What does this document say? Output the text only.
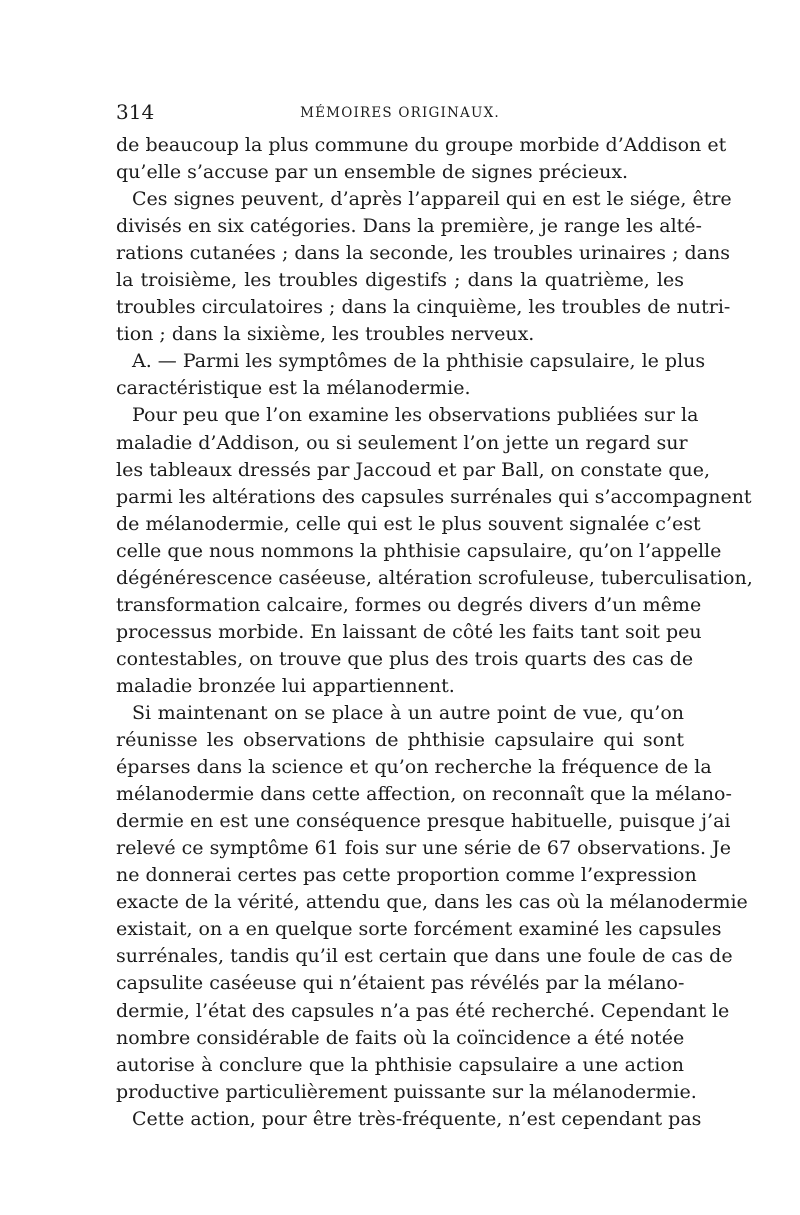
314	MÉMOIRES ORIGINAUX.
de beaucoup la plus commune du groupe morbide d’Addison et
qu’elle s’accuse par un ensemble de signes précieux.
Ces signes peuvent, d’après l’appareil qui en est le siége, être
divisés en six catégories. Dans la première, je range les alté-
rations cutanées ; dans la seconde, les troubles urinaires ; dans
la troisième, les troubles digestifs ; dans la quatrième, les
troubles circulatoires ; dans la cinquième, les troubles de nutri-
tion ; dans la sixième, les troubles nerveux.
A. — Parmi les symptômes de la phthisie capsulaire, le plus
caractéristique est la mélanodermie.
Pour peu que l’on examine les observations publiées sur la
maladie d’Addison, ou si seulement l’on jette un regard sur
les tableaux dressés par Jaccoud et par Ball, on constate que,
parmi les altérations des capsules surrénales qui s’accompagnent
de mélanodermie, celle qui est le plus souvent signalée c’est
celle que nous nommons la phthisie capsulaire, qu’on l’appelle
dégénérescence caséeuse, altération scrofuleuse, tuberculisation,
transformation calcaire, formes ou degrés divers d’un même
processus morbide. En laissant de côté les faits tant soit peu
contestables, on trouve que plus des trois quarts des cas de
maladie bronzée lui appartiennent.
Si maintenant on se place à un autre point de vue, qu’on
réunisse les observations de phthisie capsulaire qui sont
éparses dans la science et qu’on recherche la fréquence de la
mélanodermie dans cette affection, on reconnaît que la mélano-
dermie en est une conséquence presque habituelle, puisque j’ai
relevé ce symptôme 61 fois sur une série de 67 observations. Je
ne donnerai certes pas cette proportion comme l’expression
exacte de la vérité, attendu que, dans les cas où la mélanodermie
existait, on a en quelque sorte forcément examiné les capsules
surrénales, tandis qu’il est certain que dans une foule de cas de
capsulite caséeuse qui n’étaient pas révélés par la mélano-
dermie, l’état des capsules n’a pas été recherché. Cependant le
nombre considérable de faits où la coïncidence a été notée
autorise à conclure que la phthisie capsulaire a une action
productive particulièrement puissante sur la mélanodermie.
Cette action, pour être très-fréquente, n’est cependant pas
